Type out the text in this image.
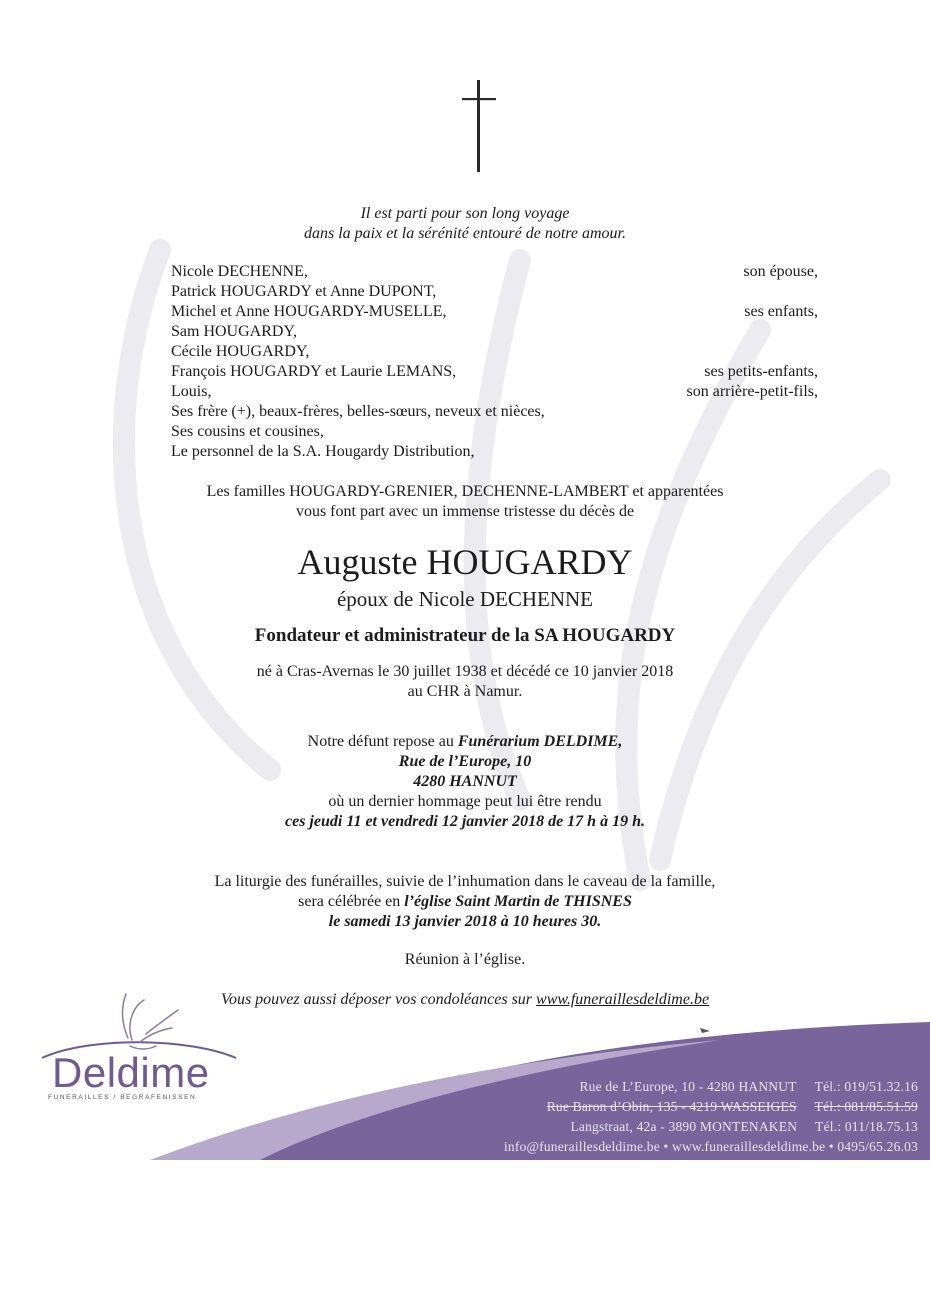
Il est parti pour son long voyage
dans la paix et la sérénité entouré de notre amour.
Nicole DECHENNE,	son épouse,
Patrick HOUGARDY et Anne DUPONT,
Michel et Anne HOUGARDY-MUSELLE,	ses enfants,
Sam HOUGARDY,
Cécile HOUGARDY,
François HOUGARDY et Laurie LEMANS,	ses petits-enfants,
Louis,	son arrière-petit-fils,
Ses frère (+), beaux-frères, belles-sœurs, neveux et nièces,
Ses cousins et cousines,
Le personnel de la S.A. Hougardy Distribution,
Les familles HOUGARDY-GRENIER, DECHENNE-LAMBERT et apparentées
vous font part avec un immense tristesse du décès de
Auguste HOUGARDY
époux de Nicole DECHENNE
Fondateur et administrateur de la SA HOUGARDY
né à Cras-Avernas le 30 juillet 1938 et décédé ce 10 janvier 2018
au CHR à Namur.
Notre défunt repose au Funérarium DELDIME,
Rue de l’Europe, 10
4280 HANNUT
où un dernier hommage peut lui être rendu
ces jeudi 11 et vendredi 12 janvier 2018 de 17 h à 19 h.
La liturgie des funérailles, suivie de l’inhumation dans le caveau de la famille,
sera célébrée en l’église Saint Martin de THISNES
le samedi 13 janvier 2018 à 10 heures 30.
Réunion à l’église.
Vous pouvez aussi déposer vos condoléances sur www.funeraillesdeldime.be
Deldime
FUNERAILLES / BEGRAFENISSEN
Rue de L’Europe, 10 - 4280 HANNUT Tél.: 019/51.32.16
Rue Baron d’Obin, 135 - 4219 WASSEIGES Tél.: 081/85.51.59
Langstraat, 42a - 3890 MONTENAKEN Tél.: 011/18.75.13
info@funeraillesdeldime.be • www.funeraillesdeldime.be • 0495/65.26.03
